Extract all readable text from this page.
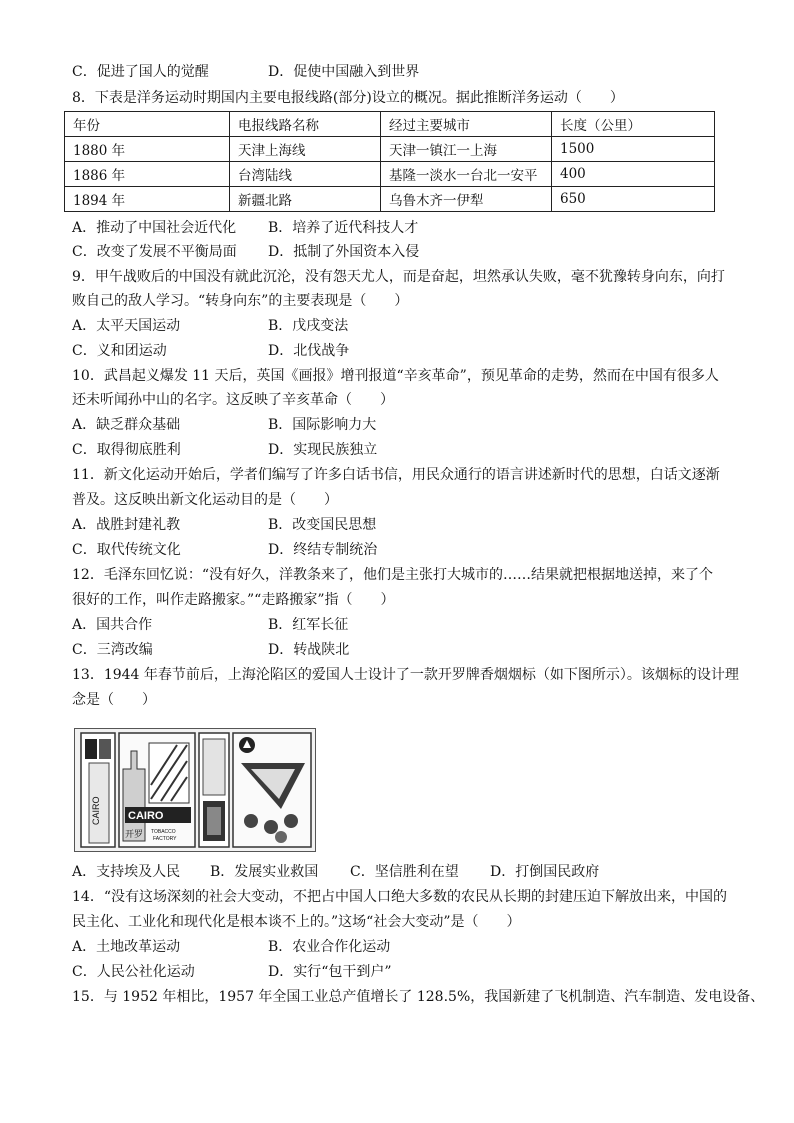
C．促进了国人的觉醒	D．促使中国融入到世界
8．下表是洋务运动时期国内主要电报线路(部分)设立的概况。据此推断洋务运动（　　）
年份	电报线路名称	经过主要城市	长度（公里）
1880 年	天津上海线	天津一镇江一上海	1500
1886 年	台湾陆线	基隆一淡水一台北一安平	400
1894 年	新疆北路	乌鲁木齐一伊犁	650
A．推动了中国社会近代化 B．培养了近代科技人才
C．改变了发展不平衡局面 D．抵制了外国资本入侵
9．甲午战败后的中国没有就此沉沦，没有怨天尤人，而是奋起，坦然承认失败，毫不犹豫转身向东，向打
败自己的敌人学习。“转身向东”的主要表现是（　　）
A．太平天国运动	B．戊戌变法
C．义和团运动	D．北伐战争
10．武昌起义爆发 11 天后，英国《画报》增刊报道“辛亥革命”，预见革命的走势，然而在中国有很多人
还未听闻孙中山的名字。这反映了辛亥革命（　　）
A．缺乏群众基础	B．国际影响力大
C．取得彻底胜利	D．实现民族独立
11．新文化运动开始后，学者们编写了许多白话书信，用民众通行的语言讲述新时代的思想，白话文逐渐
普及。这反映出新文化运动目的是（　　）
A．战胜封建礼教	B．改变国民思想
C．取代传统文化	D．终结专制统治
12．毛泽东回忆说：“没有好久，洋教条来了，他们是主张打大城市的……结果就把根据地送掉，来了个
很好的工作，叫作走路搬家。”“走路搬家”指（　　）
A．国共合作	B．红军长征
C．三湾改编	D．转战陕北
13．1944 年春节前后，上海沦陷区的爱国人士设计了一款开罗牌香烟烟标（如下图所示）。该烟标的设计理
念是（　　）
CAIRO CAIRO
开罗 TOBACCO
FACTORY
A．支持埃及人民 B．发展实业救国 C．坚信胜利在望 D．打倒国民政府
14．“没有这场深刻的社会大变动，不把占中国人口绝大多数的农民从长期的封建压迫下解放出来，中国的
民主化、工业化和现代化是根本谈不上的。”这场“社会大变动”是（　　）
A．土地改革运动	B．农业合作化运动
C．人民公社化运动	D．实行“包干到户”
15．与 1952 年相比，1957 年全国工业总产值增长了 128.5%，我国新建了飞机制造、汽车制造、发电设备、
